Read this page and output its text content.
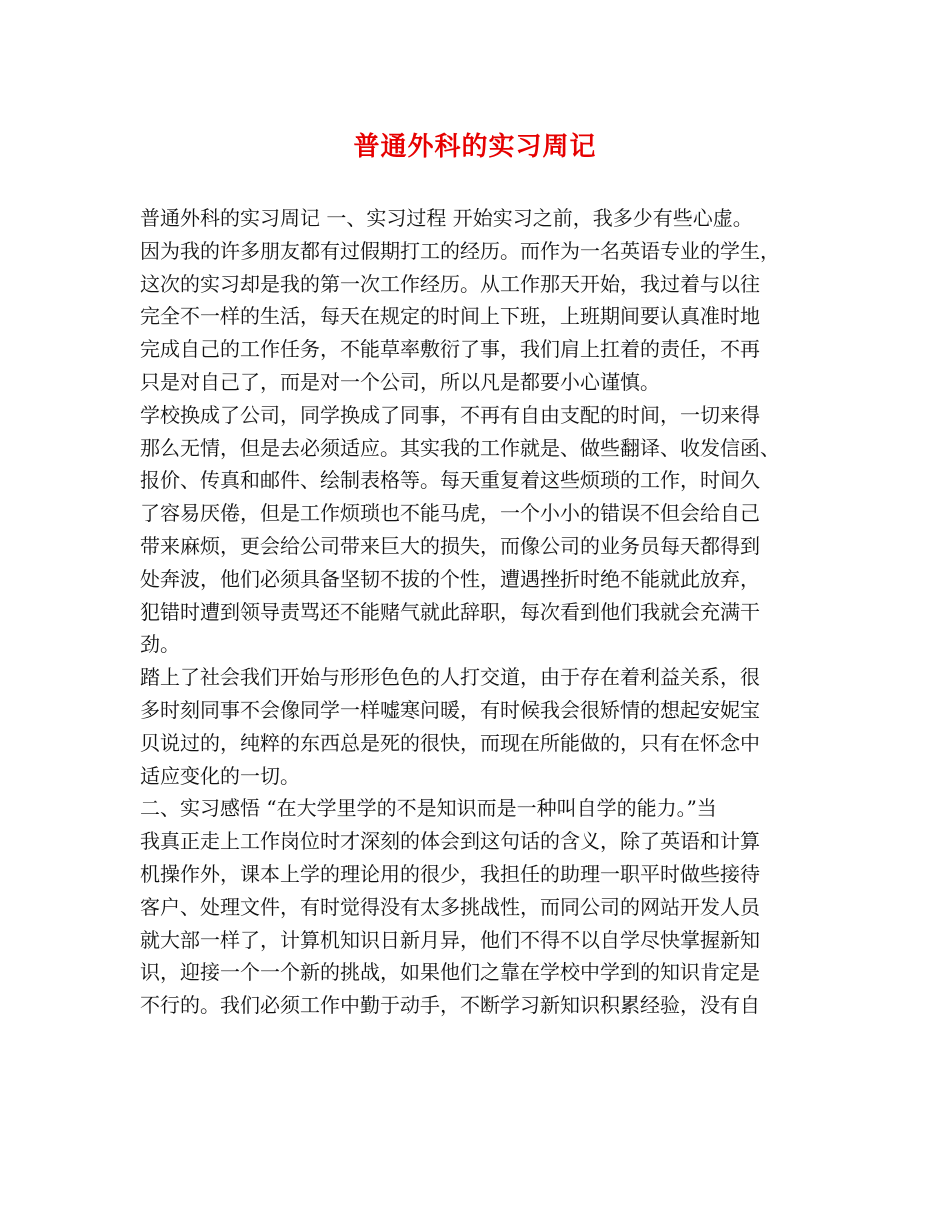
普通外科的实习周记
普通外科的实习周记 一、实习过程 开始实习之前，我多少有些心虚。
因为我的许多朋友都有过假期打工的经历。而作为一名英语专业的学生，
这次的实习却是我的第一次工作经历。从工作那天开始，我过着与以往
完全不一样的生活，每天在规定的时间上下班，上班期间要认真准时地
完成自己的工作任务，不能草率敷衍了事，我们肩上扛着的责任，不再
只是对自己了，而是对一个公司，所以凡是都要小心谨慎。
学校换成了公司，同学换成了同事，不再有自由支配的时间，一切来得
那么无情，但是去必须适应。其实我的工作就是、做些翻译、收发信函、
报价、传真和邮件、绘制表格等。每天重复着这些烦琐的工作，时间久
了容易厌倦，但是工作烦琐也不能马虎，一个小小的错误不但会给自己
带来麻烦，更会给公司带来巨大的损失，而像公司的业务员每天都得到
处奔波，他们必须具备坚韧不拔的个性，遭遇挫折时绝不能就此放弃，
犯错时遭到领导责骂还不能赌气就此辞职，每次看到他们我就会充满干
劲。
踏上了社会我们开始与形形色色的人打交道，由于存在着利益关系，很
多时刻同事不会像同学一样嘘寒问暖，有时候我会很矫情的想起安妮宝
贝说过的，纯粹的东西总是死的很快，而现在所能做的，只有在怀念中
适应变化的一切。
二、实习感悟 “在大学里学的不是知识而是一种叫自学的能力。”当
我真正走上工作岗位时才深刻的体会到这句话的含义，除了英语和计算
机操作外，课本上学的理论用的很少，我担任的助理一职平时做些接待
客户、处理文件，有时觉得没有太多挑战性，而同公司的网站开发人员
就大部一样了，计算机知识日新月异，他们不得不以自学尽快掌握新知
识，迎接一个一个新的挑战，如果他们之靠在学校中学到的知识肯定是
不行的。我们必须工作中勤于动手，不断学习新知识积累经验，没有自
